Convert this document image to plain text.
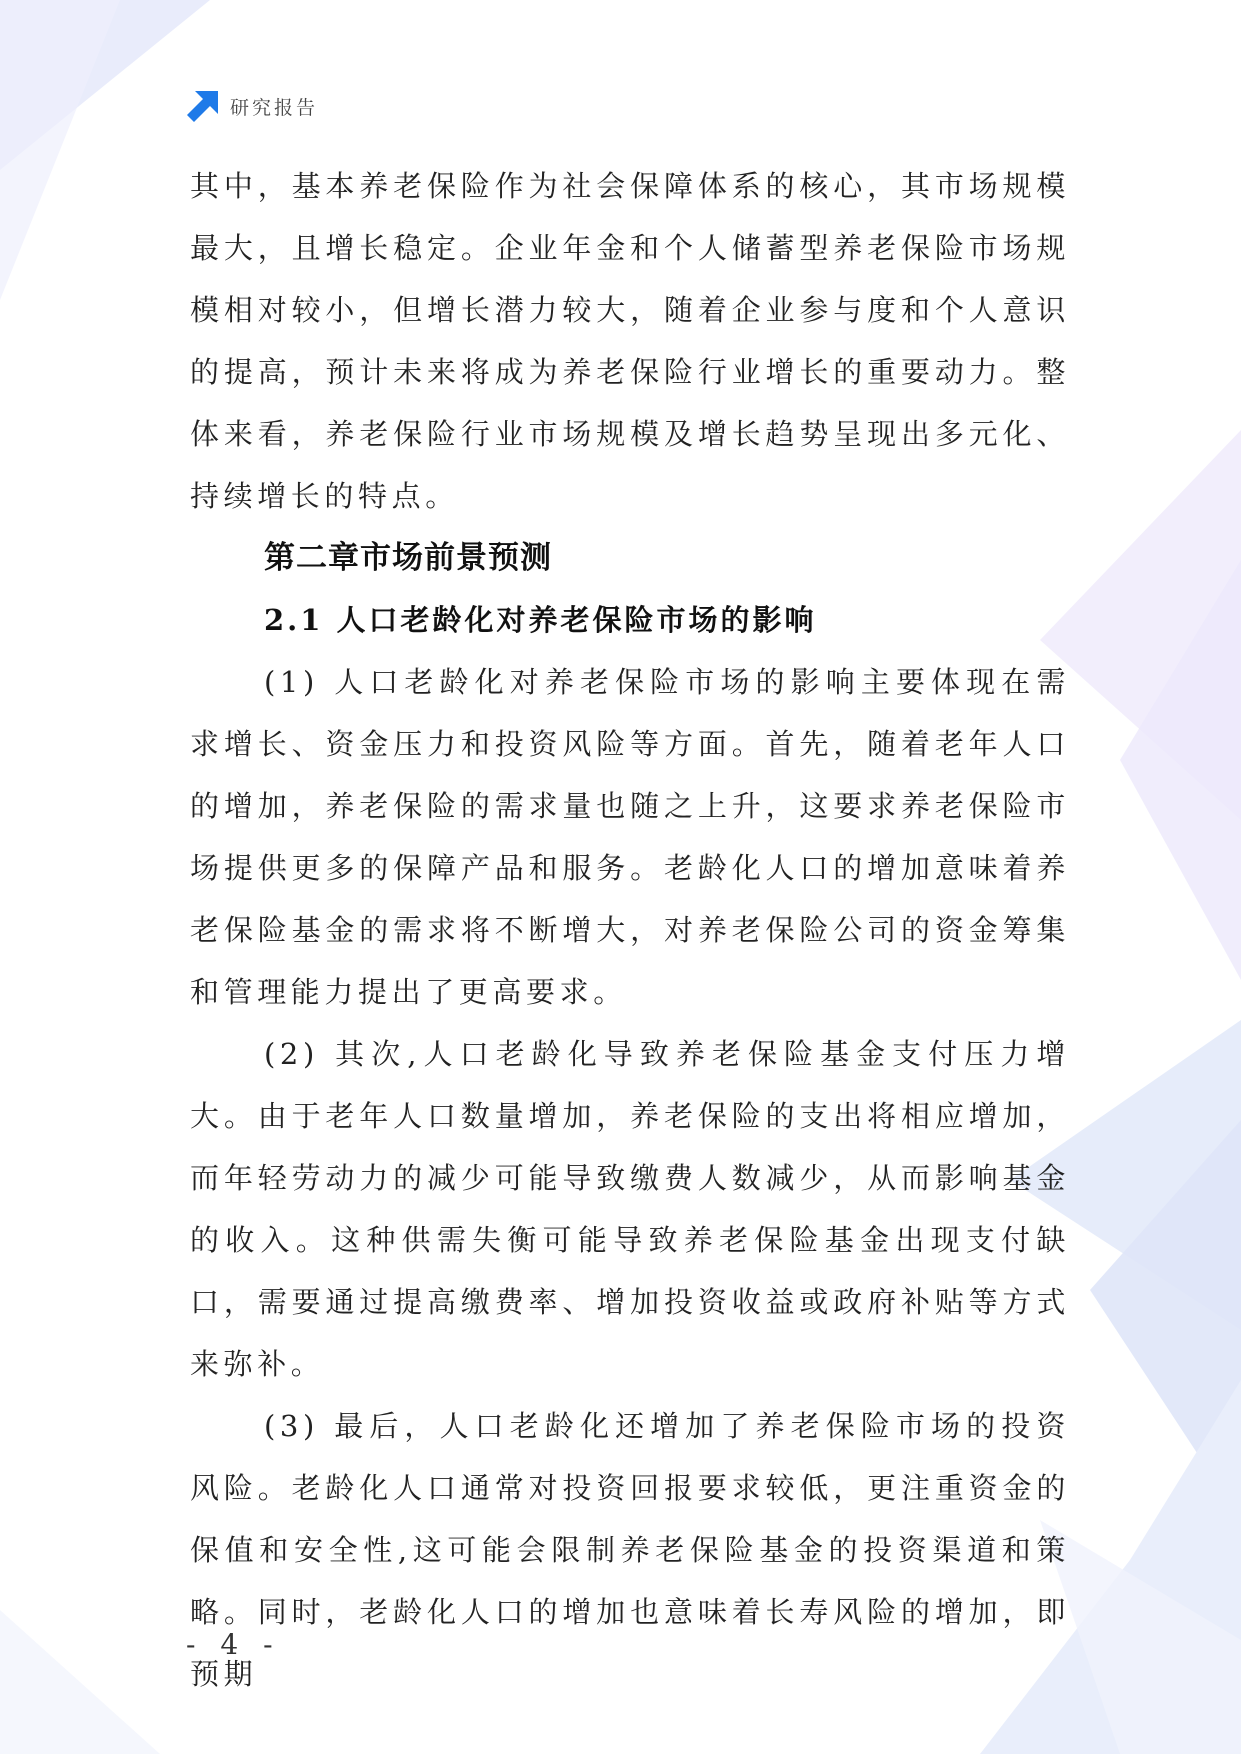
研究报告

其中，基本养老保险作为社会保障体系的核心，其市场规模最大，且增长稳定。企业年金和个人储蓄型养老保险市场规模相对较小，但增长潜力较大，随着企业参与度和个人意识的提高，预计未来将成为养老保险行业增长的重要动力。整体来看，养老保险行业市场规模及增长趋势呈现出多元化、持续增长的特点。

第二章市场前景预测
2.1 人口老龄化对养老保险市场的影响

(1) 人口老龄化对养老保险市场的影响主要体现在需求增长、资金压力和投资风险等方面。首先，随着老年人口的增加，养老保险的需求量也随之上升，这要求养老保险市场提供更多的保障产品和服务。老龄化人口的增加意味着养老保险基金的需求将不断增大，对养老保险公司的资金筹集和管理能力提出了更高要求。

(2) 其次,人口老龄化导致养老保险基金支付压力增大。由于老年人口数量增加，养老保险的支出将相应增加，而年轻劳动力的减少可能导致缴费人数减少，从而影响基金的收入。这种供需失衡可能导致养老保险基金出现支付缺口，需要通过提高缴费率、增加投资收益或政府补贴等方式来弥补。

(3) 最后，人口老龄化还增加了养老保险市场的投资风险。老龄化人口通常对投资回报要求较低，更注重资金的保值和安全性,这可能会限制养老保险基金的投资渠道和策略。同时，老龄化人口的增加也意味着长寿风险的增加，即预期

- 4 -
